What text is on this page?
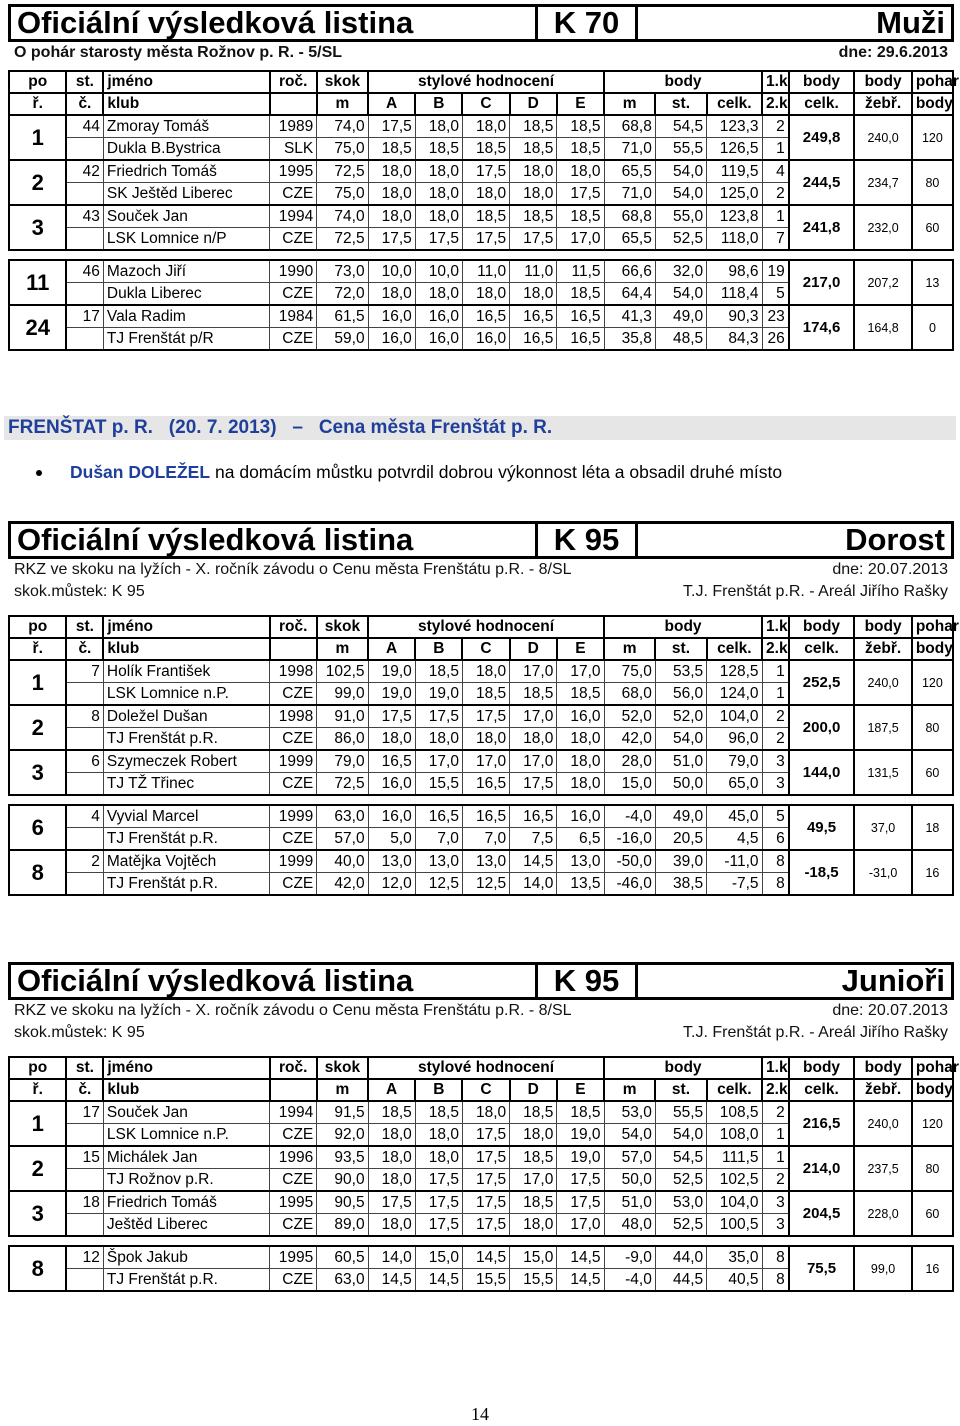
Oficiální výsledková listina	K 70	Muži
O pohár starosty města Rožnov p. R. - 5/SL	dne: 29.6.2013
po	st.	jméno	roč.	skok	stylové hodnocení					body			1.k	body	body	pohar
ř.	č.	klub		m	A	B	C	D	E	m	st.	celk.	2.k	celk.	žebř.	body
1	44	Zmoray Tomáš	1989	74,0	17,5	18,0	18,0	18,5	18,5	68,8	54,5	123,3	2	249,8	240,0	120
		Dukla B.Bystrica	SLK	75,0	18,5	18,5	18,5	18,5	18,5	71,0	55,5	126,5	1			
2	42	Friedrich Tomáš	1995	72,5	18,0	18,0	17,5	18,0	18,0	65,5	54,0	119,5	4	244,5	234,7	80
		SK Ještěd Liberec	CZE	75,0	18,0	18,0	18,0	18,0	17,5	71,0	54,0	125,0	2			
3	43	Souček Jan	1994	74,0	18,0	18,0	18,5	18,5	18,5	68,8	55,0	123,8	1	241,8	232,0	60
		LSK Lomnice n/P	CZE	72,5	17,5	17,5	17,5	17,5	17,0	65,5	52,5	118,0	7			

11	46	Mazoch Jiří	1990	73,0	10,0	10,0	11,0	11,0	11,5	66,6	32,0	98,6	19	217,0	207,2	13
		Dukla Liberec	CZE	72,0	18,0	18,0	18,0	18,0	18,5	64,4	54,0	118,4	5			
24	17	Vala Radim	1984	61,5	16,0	16,0	16,5	16,5	16,5	41,3	49,0	90,3	23	174,6	164,8	0
		TJ Frenštát p/R	CZE	59,0	16,0	16,0	16,0	16,5	16,5	35,8	48,5	84,3	26			
FRENŠTAT p. R.
(20. 7. 2013)
–
Cena města Frenštát p. R.
Dušan DOLEŽEL na domácím můstku potvrdil dobrou výkonnost léta a obsadil druhé místo
Oficiální výsledková listina	K 95	Dorost
RKZ ve skoku na lyžích - X. ročník závodu o Cenu města Frenštátu p.R. - 8/SL	dne: 20.07.2013
skok.můstek: K 95	T.J. Frenštát p.R. - Areál Jiřího Rašky
po	st.	jméno	roč.	skok	stylové hodnocení					body			1.k	body	body	pohar
ř.	č.	klub		m	A	B	C	D	E	m	st.	celk.	2.k	celk.	žebř.	body
1	7	Holík František	1998	102,5	19,0	18,5	18,0	17,0	17,0	75,0	53,5	128,5	1	252,5	240,0	120
		LSK Lomnice n.P.	CZE	99,0	19,0	19,0	18,5	18,5	18,5	68,0	56,0	124,0	1			
2	8	Doležel Dušan	1998	91,0	17,5	17,5	17,5	17,0	16,0	52,0	52,0	104,0	2	200,0	187,5	80
		TJ Frenštát p.R.	CZE	86,0	18,0	18,0	18,0	18,0	18,0	42,0	54,0	96,0	2			
3	6	Szymeczek Robert	1999	79,0	16,5	17,0	17,0	17,0	18,0	28,0	51,0	79,0	3	144,0	131,5	60
		TJ TŽ Třinec	CZE	72,5	16,0	15,5	16,5	17,5	18,0	15,0	50,0	65,0	3			

6	4	Vyvial Marcel	1999	63,0	16,0	16,5	16,5	16,5	16,0	-4,0	49,0	45,0	5	49,5	37,0	18
		TJ Frenštát p.R.	CZE	57,0	5,0	7,0	7,0	7,5	6,5	-16,0	20,5	4,5	6			
8	2	Matějka Vojtěch	1999	40,0	13,0	13,0	13,0	14,5	13,0	-50,0	39,0	-11,0	8	-18,5	-31,0	16
		TJ Frenštát p.R.	CZE	42,0	12,0	12,5	12,5	14,0	13,5	-46,0	38,5	-7,5	8			
Oficiální výsledková listina	K 95	Junioři
RKZ ve skoku na lyžích - X. ročník závodu o Cenu města Frenštátu p.R. - 8/SL	dne: 20.07.2013
skok.můstek: K 95	T.J. Frenštát p.R. - Areál Jiřího Rašky
po	st.	jméno	roč.	skok	stylové hodnocení					body			1.k	body	body	pohar
ř.	č.	klub		m	A	B	C	D	E	m	st.	celk.	2.k	celk.	žebř.	body
1	17	Souček Jan	1994	91,5	18,5	18,5	18,0	18,5	18,5	53,0	55,5	108,5	2	216,5	240,0	120
		LSK Lomnice n.P.	CZE	92,0	18,0	18,0	17,5	18,0	19,0	54,0	54,0	108,0	1			
2	15	Michálek Jan	1996	93,5	18,0	18,0	17,5	18,5	19,0	57,0	54,5	111,5	1	214,0	237,5	80
		TJ Rožnov p.R.	CZE	90,0	18,0	17,5	17,5	17,0	17,5	50,0	52,5	102,5	2			
3	18	Friedrich Tomáš	1995	90,5	17,5	17,5	17,5	18,5	17,5	51,0	53,0	104,0	3	204,5	228,0	60
		Ještěd Liberec	CZE	89,0	18,0	17,5	17,5	18,0	17,0	48,0	52,5	100,5	3			

8	12	Špok Jakub	1995	60,5	14,0	15,0	14,5	15,0	14,5	-9,0	44,0	35,0	8	75,5	99,0	16
		TJ Frenštát p.R.	CZE	63,0	14,5	14,5	15,5	15,5	14,5	-4,0	44,5	40,5	8			
14
